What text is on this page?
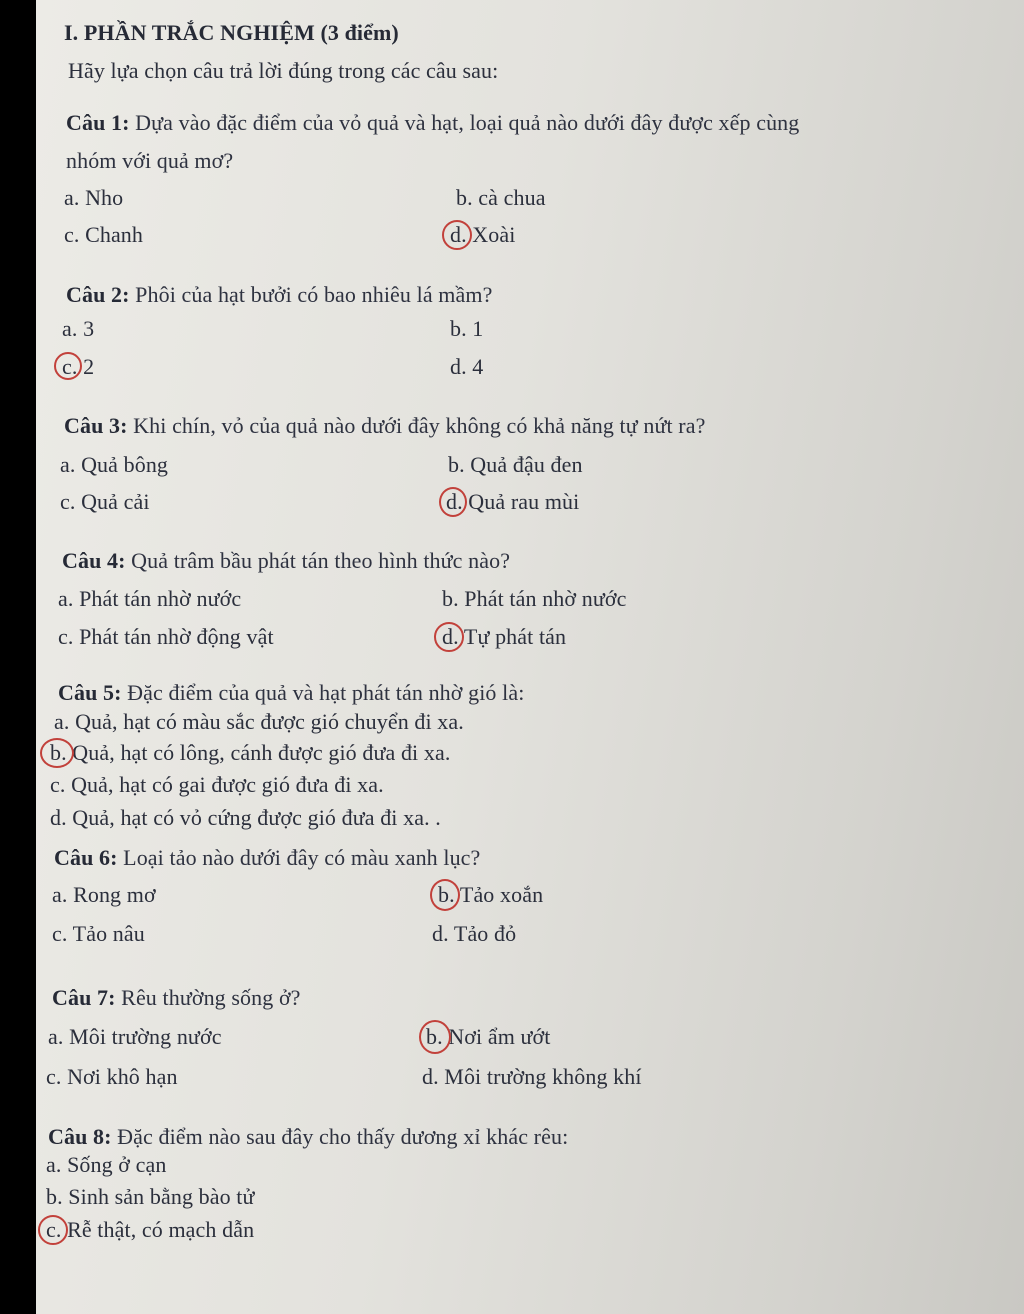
I. PHẦN TRẮC NGHIỆM (3 điểm)
Hãy lựa chọn câu trả lời đúng trong các câu sau:
Câu 1: Dựa vào đặc điểm của vỏ quả và hạt, loại quả nào dưới đây được xếp cùng
nhóm với quả mơ?
a. Nho	b. cà chua
c. Chanh	d. Xoài
Câu 2: Phôi của hạt bưởi có bao nhiêu lá mầm?
a. 3	b. 1
c. 2	d. 4
Câu 3: Khi chín, vỏ của quả nào dưới đây không có khả năng tự nứt ra?
a. Quả bông	b. Quả đậu đen
c. Quả cải	d. Quả rau mùi
Câu 4: Quả trâm bầu phát tán theo hình thức nào?
a. Phát tán nhờ nước	b. Phát tán nhờ nước
c. Phát tán nhờ động vật	d. Tự phát tán
Câu 5: Đặc điểm của quả và hạt phát tán nhờ gió là:
a. Quả, hạt có màu sắc được gió chuyển đi xa.
b. Quả, hạt có lông, cánh được gió đưa đi xa.
c. Quả, hạt có gai được gió đưa đi xa.
d. Quả, hạt có vỏ cứng được gió đưa đi xa. .
Câu 6: Loại tảo nào dưới đây có màu xanh lục?
a. Rong mơ	b. Tảo xoắn
c. Tảo nâu	d. Tảo đỏ
Câu 7: Rêu thường sống ở?
a. Môi trường nước	b. Nơi ẩm ướt
c. Nơi khô hạn	d. Môi trường không khí
Câu 8: Đặc điểm nào sau đây cho thấy dương xỉ khác rêu:
a. Sống ở cạn
b. Sinh sản bằng bào tử
c. Rễ thật, có mạch dẫn
